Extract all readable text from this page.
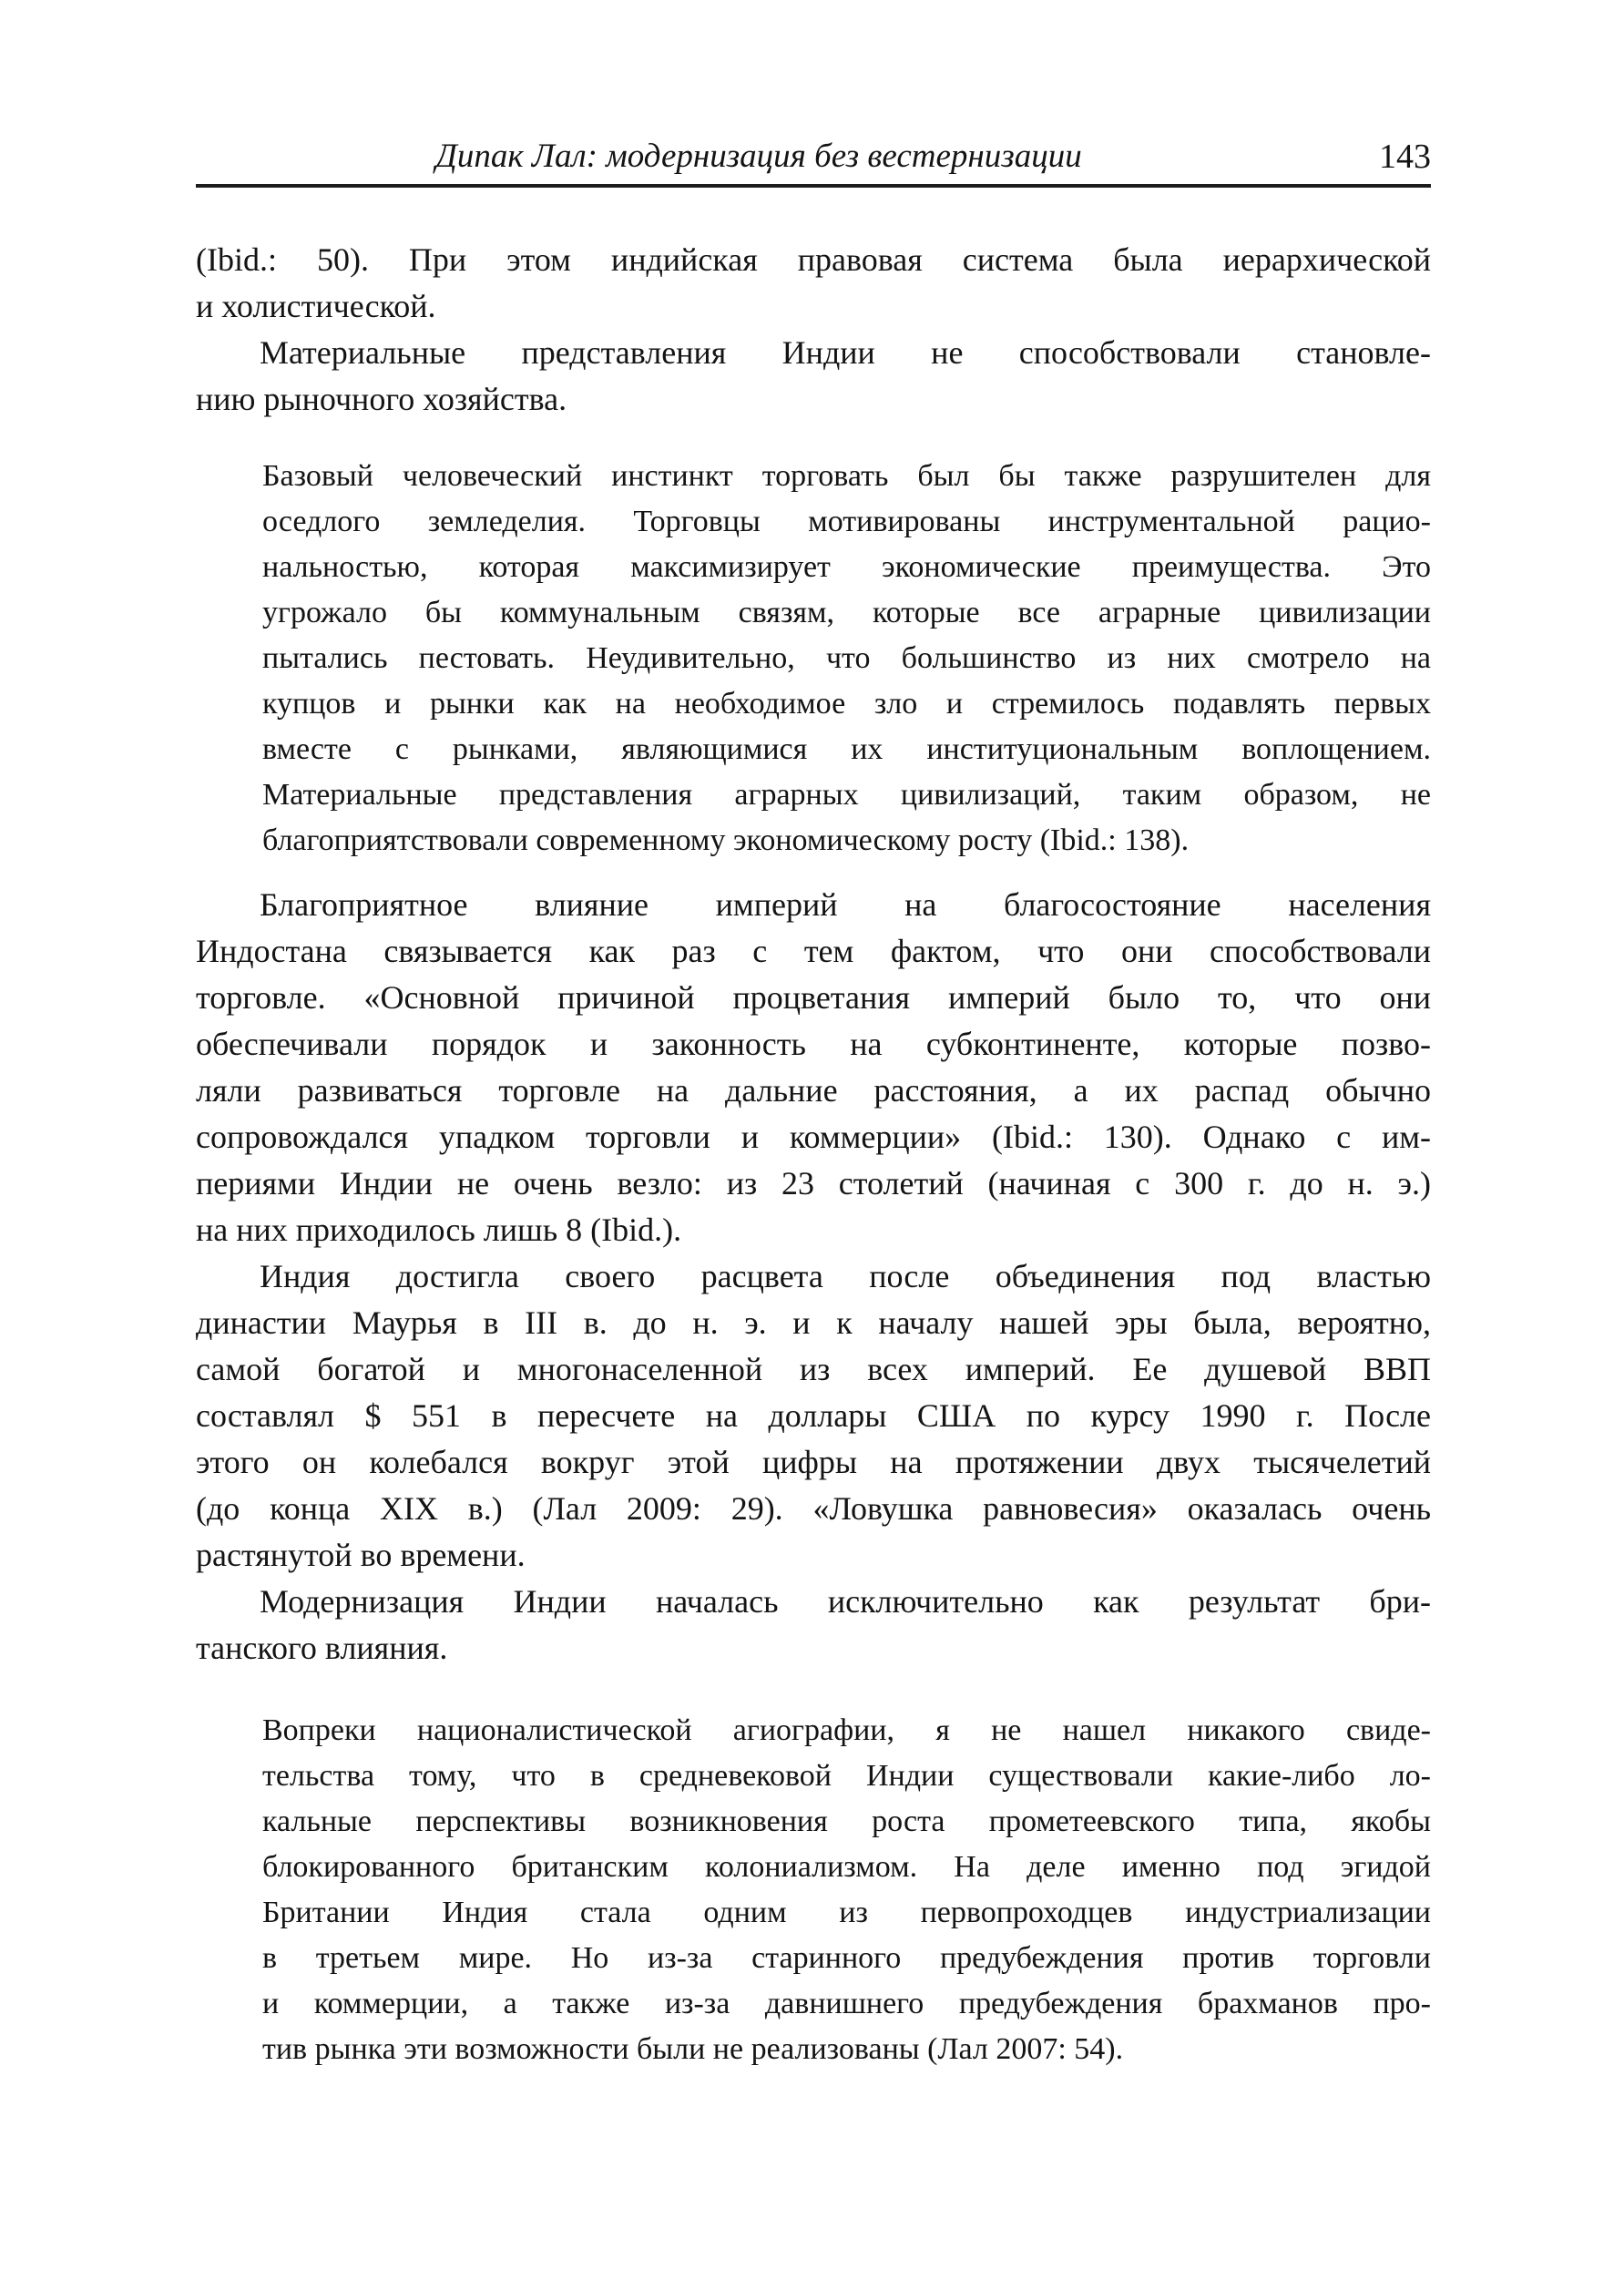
Дипак Лал: модернизация без вестернизации	143
(Ibid.: 50). При этом индийская правовая система была иерархической
и холистической.
Материальные представления Индии не способствовали становле-
нию рыночного хозяйства.
Базовый человеческий инстинкт торговать был бы также разрушителен для
оседлого земледелия. Торговцы мотивированы инструментальной рацио-
нальностью, которая максимизирует экономические преимущества. Это
угрожало бы коммунальным связям, которые все аграрные цивилизации
пытались пестовать. Неудивительно, что большинство из них смотрело на
купцов и рынки как на необходимое зло и стремилось подавлять первых
вместе с рынками, являющимися их институциональным воплощением.
Материальные представления аграрных цивилизаций, таким образом, не
благоприятствовали современному экономическому росту (Ibid.: 138).
Благоприятное влияние империй на благосостояние населения
Индостана связывается как раз с тем фактом, что они способствовали
торговле. «Основной причиной процветания империй было то, что они
обеспечивали порядок и законность на субконтиненте, которые позво-
ляли развиваться торговле на дальние расстояния, а их распад обычно
сопровождался упадком торговли и коммерции» (Ibid.: 130). Однако с им-
периями Индии не очень везло: из 23 столетий (начиная с 300 г. до н. э.)
на них приходилось лишь 8 (Ibid.).
Индия достигла своего расцвета после объединения под властью
династии Маурья в III в. до н. э. и к началу нашей эры была, вероятно,
самой богатой и многонаселенной из всех империй. Ее душевой ВВП
составлял $ 551 в пересчете на доллары США по курсу 1990 г. После
этого он колебался вокруг этой цифры на протяжении двух тысячелетий
(до конца XIX в.) (Лал 2009: 29). «Ловушка равновесия» оказалась очень
растянутой во времени.
Модернизация Индии началась исключительно как результат бри-
танского влияния.
Вопреки националистической агиографии, я не нашел никакого свиде-
тельства тому, что в средневековой Индии существовали какие-либо ло-
кальные перспективы возникновения роста прометеевского типа, якобы
блокированного британским колониализмом. На деле именно под эгидой
Британии Индия стала одним из первопроходцев индустриализации
в третьем мире. Но из-за старинного предубеждения против торговли
и коммерции, а также из-за давнишнего предубеждения брахманов про-
тив рынка эти возможности были не реализованы (Лал 2007: 54).
